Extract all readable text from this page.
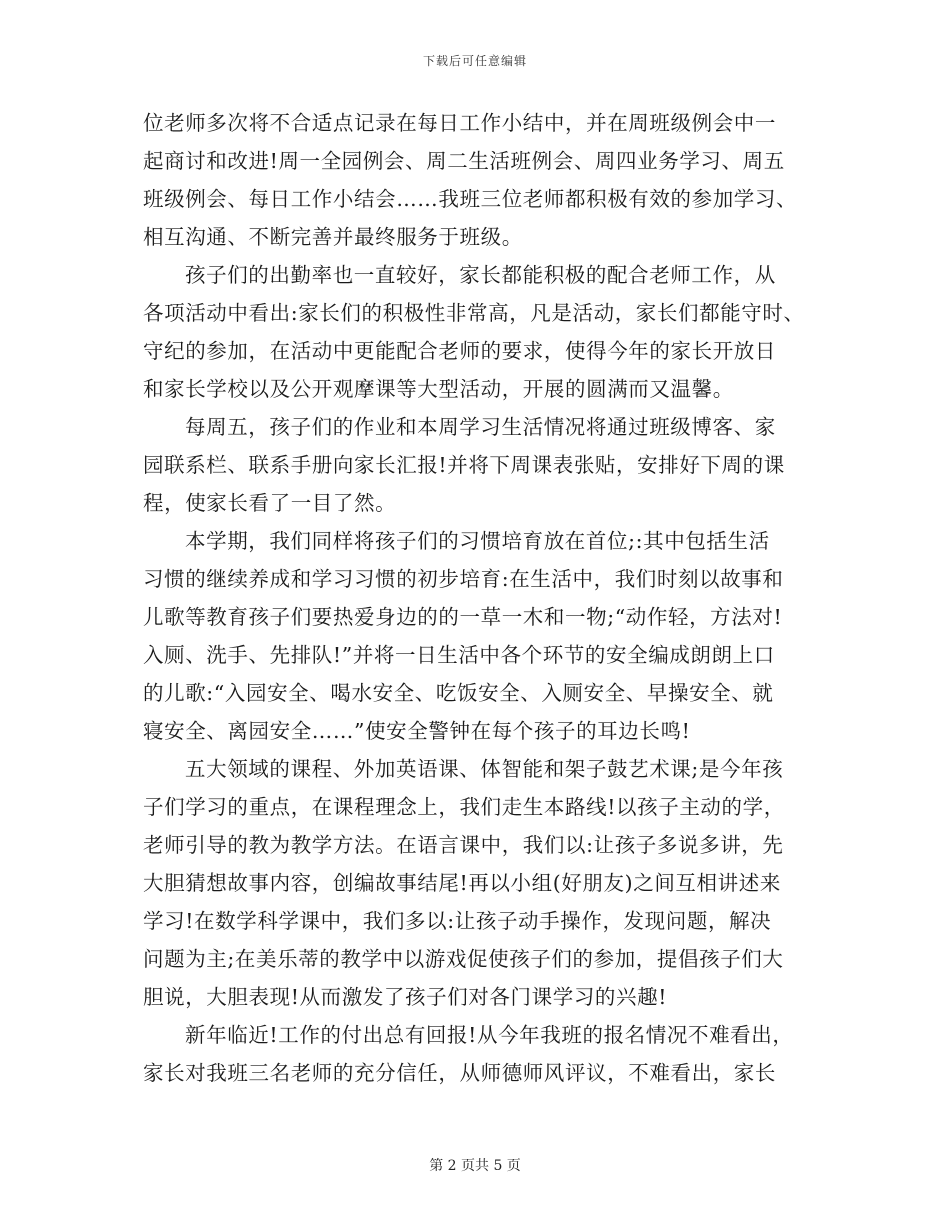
下载后可任意编辑
位老师多次将不合适点记录在每日工作小结中，并在周班级例会中一
起商讨和改进!周一全园例会、周二生活班例会、周四业务学习、周五
班级例会、每日工作小结会……我班三位老师都积极有效的参加学习、
相互沟通、不断完善并最终服务于班级。
孩子们的出勤率也一直较好，家长都能积极的配合老师工作，从
各项活动中看出:家长们的积极性非常高，凡是活动，家长们都能守时、
守纪的参加，在活动中更能配合老师的要求，使得今年的家长开放日
和家长学校以及公开观摩课等大型活动，开展的圆满而又温馨。
每周五，孩子们的作业和本周学习生活情况将通过班级博客、家
园联系栏、联系手册向家长汇报!并将下周课表张贴，安排好下周的课
程，使家长看了一目了然。
本学期，我们同样将孩子们的习惯培育放在首位;:其中包括生活
习惯的继续养成和学习习惯的初步培育:在生活中，我们时刻以故事和
儿歌等教育孩子们要热爱身边的的一草一木和一物;“动作轻，方法对!
入厕、洗手、先排队!”并将一日生活中各个环节的安全编成朗朗上口
的儿歌:“入园安全、喝水安全、吃饭安全、入厕安全、早操安全、就
寝安全、离园安全……”使安全警钟在每个孩子的耳边长鸣!
五大领域的课程、外加英语课、体智能和架子鼓艺术课;是今年孩
子们学习的重点，在课程理念上，我们走生本路线!以孩子主动的学，
老师引导的教为教学方法。在语言课中，我们以:让孩子多说多讲，先
大胆猜想故事内容，创编故事结尾!再以小组(好朋友)之间互相讲述来
学习!在数学科学课中，我们多以:让孩子动手操作，发现问题，解决
问题为主;在美乐蒂的教学中以游戏促使孩子们的参加，提倡孩子们大
胆说，大胆表现!从而激发了孩子们对各门课学习的兴趣!
新年临近!工作的付出总有回报!从今年我班的报名情况不难看出，
家长对我班三名老师的充分信任，从师德师风评议，不难看出，家长
第 2 页共 5 页
